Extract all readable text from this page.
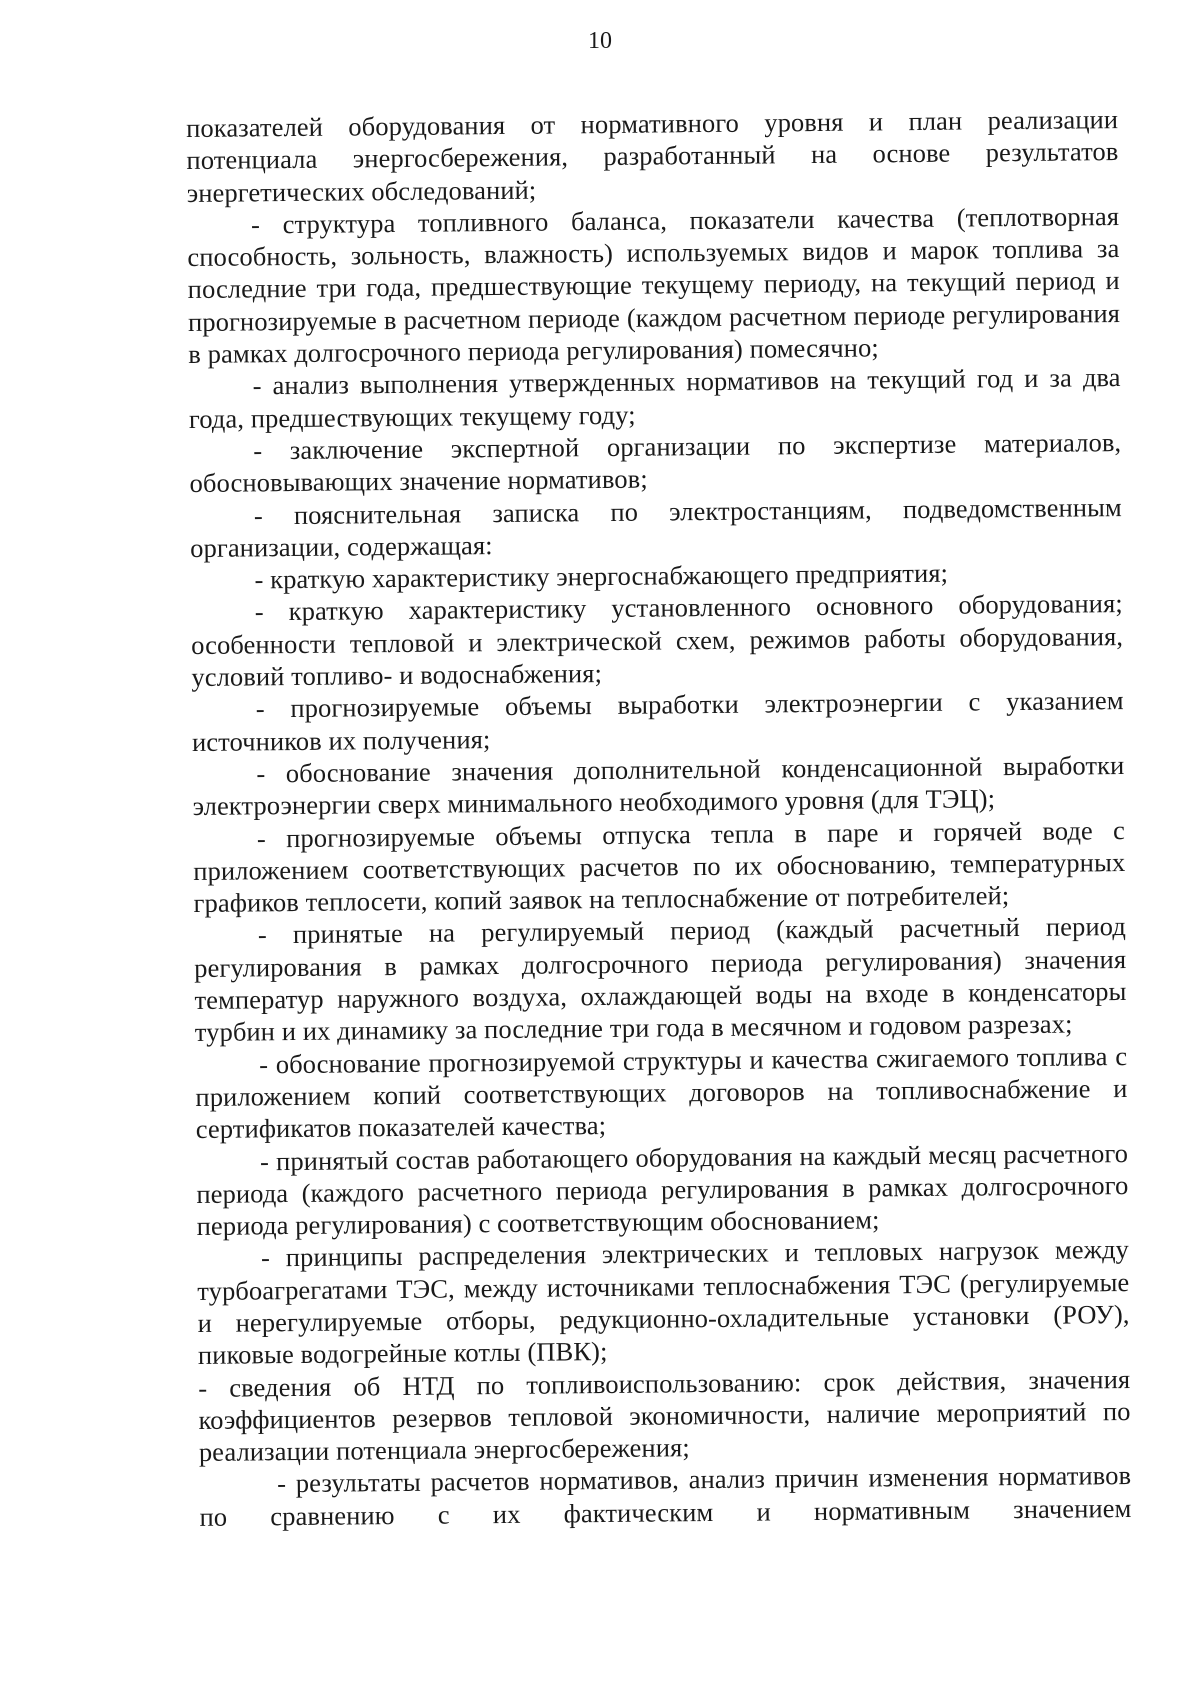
10

показателей оборудования от нормативного уровня и план реализации потенциала энергосбережения, разработанный на основе результатов энергетических обследований;

- структура топливного баланса, показатели качества (теплотворная способность, зольность, влажность) используемых видов и марок топлива за последние три года, предшествующие текущему периоду, на текущий период и прогнозируемые в расчетном периоде (каждом расчетном периоде регулирования в рамках долгосрочного периода регулирования) помесячно;

- анализ выполнения утвержденных нормативов на текущий год и за два года, предшествующих текущему году;

- заключение экспертной организации по экспертизе материалов, обосновывающих значение нормативов;

- пояснительная записка по электростанциям, подведомственным организации, содержащая:

- краткую характеристику энергоснабжающего предприятия;

- краткую характеристику установленного основного оборудования; особенности тепловой и электрической схем, режимов работы оборудования, условий топливо- и водоснабжения;

- прогнозируемые объемы выработки электроэнергии с указанием источников их получения;

- обоснование значения дополнительной конденсационной выработки электроэнергии сверх минимального необходимого уровня (для ТЭЦ);

- прогнозируемые объемы отпуска тепла в паре и горячей воде с приложением соответствующих расчетов по их обоснованию, температурных графиков теплосети, копий заявок на теплоснабжение от потребителей;

- принятые на регулируемый период (каждый расчетный период регулирования в рамках долгосрочного периода регулирования) значения температур наружного воздуха, охлаждающей воды на входе в конденсаторы турбин и их динамику за последние три года в месячном и годовом разрезах;

- обоснование прогнозируемой структуры и качества сжигаемого топлива с приложением копий соответствующих договоров на топливоснабжение и сертификатов показателей качества;

- принятый состав работающего оборудования на каждый месяц расчетного периода (каждого расчетного периода регулирования в рамках долгосрочного периода регулирования) с соответствующим обоснованием;

- принципы распределения электрических и тепловых нагрузок между турбоагрегатами ТЭС, между источниками теплоснабжения ТЭС (регулируемые и нерегулируемые отборы, редукционно-охладительные установки (РОУ), пиковые водогрейные котлы (ПВК);

- сведения об НТД по топливоиспользованию: срок действия, значения коэффициентов резервов тепловой экономичности, наличие мероприятий по реализации потенциала энергосбережения;

- результаты расчетов нормативов, анализ причин изменения нормативов по сравнению с их фактическим и нормативным значением
